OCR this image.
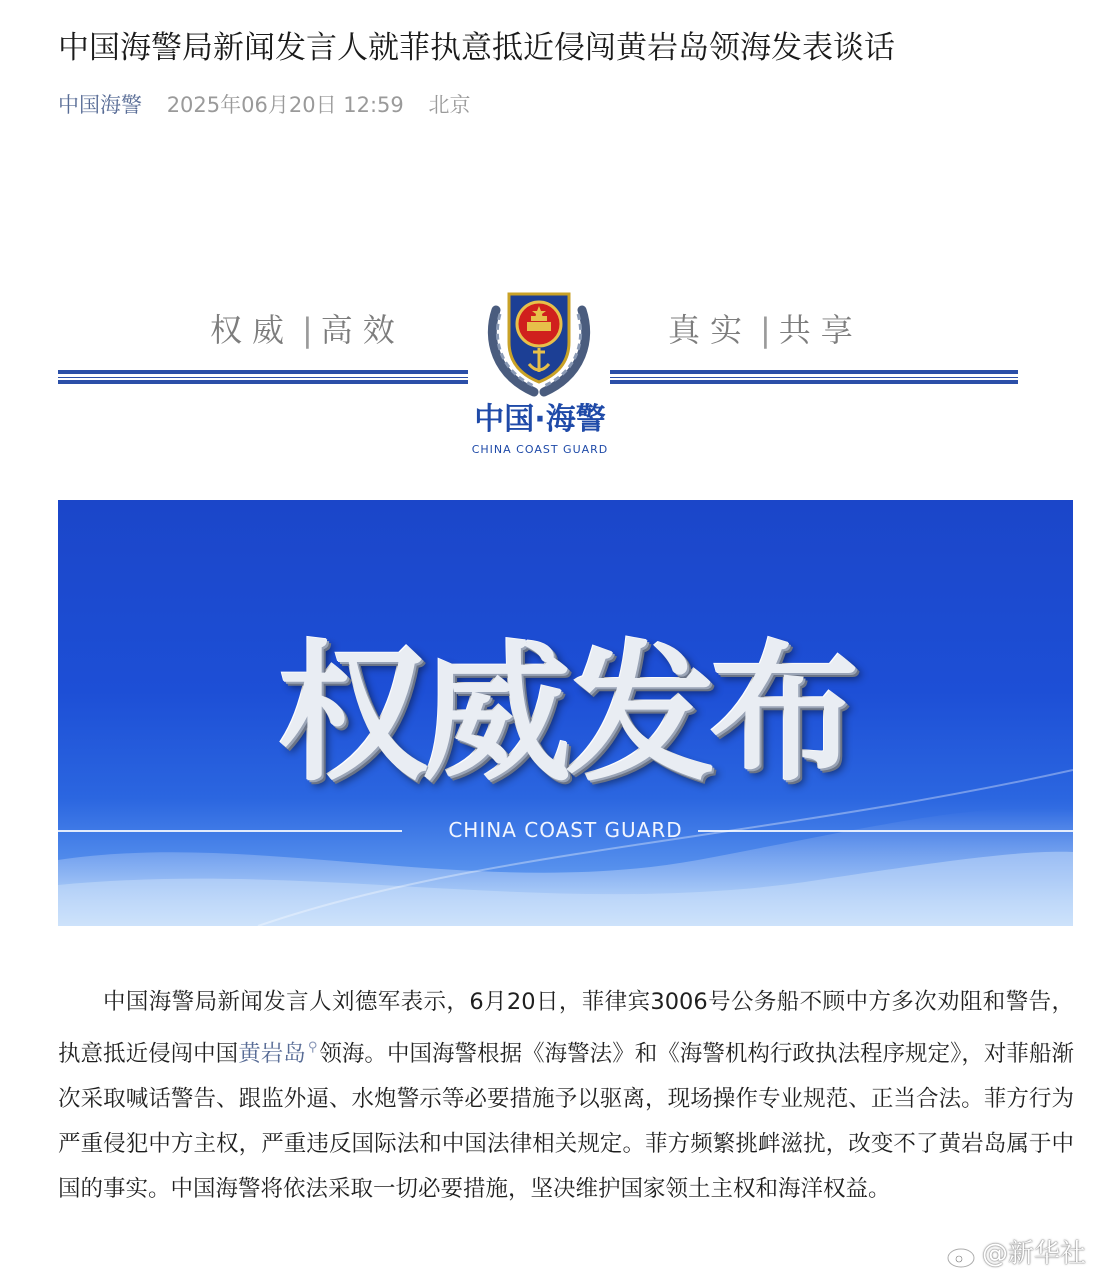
中国海警局新闻发言人就菲执意抵近侵闯黄岩岛领海发表谈话
中国海警 2025年06月20日 12:59 北京
权威 | 高效	真实 | 共享
中国·海警
CHINA COAST GUARD
权威发布
CHINA COAST GUARD

中国海警局新闻发言人刘德军表示，6月20日，菲律宾3006号公务船不顾中方多次劝阻和警告，执意抵近侵闯中国黄岩岛 ⚲领海。中国海警根据《海警法》和《海警机构行政执法程序规定》，对菲船渐次采取喊话警告、跟监外逼、水炮警示等必要措施予以驱离，现场操作专业规范、正当合法。菲方行为严重侵犯中方主权，严重违反国际法和中国法律相关规定。菲方频繁挑衅滋扰，改变不了黄岩岛属于中国的事实。中国海警将依法采取一切必要措施，坚决维护国家领土主权和海洋权益。

@新华社
